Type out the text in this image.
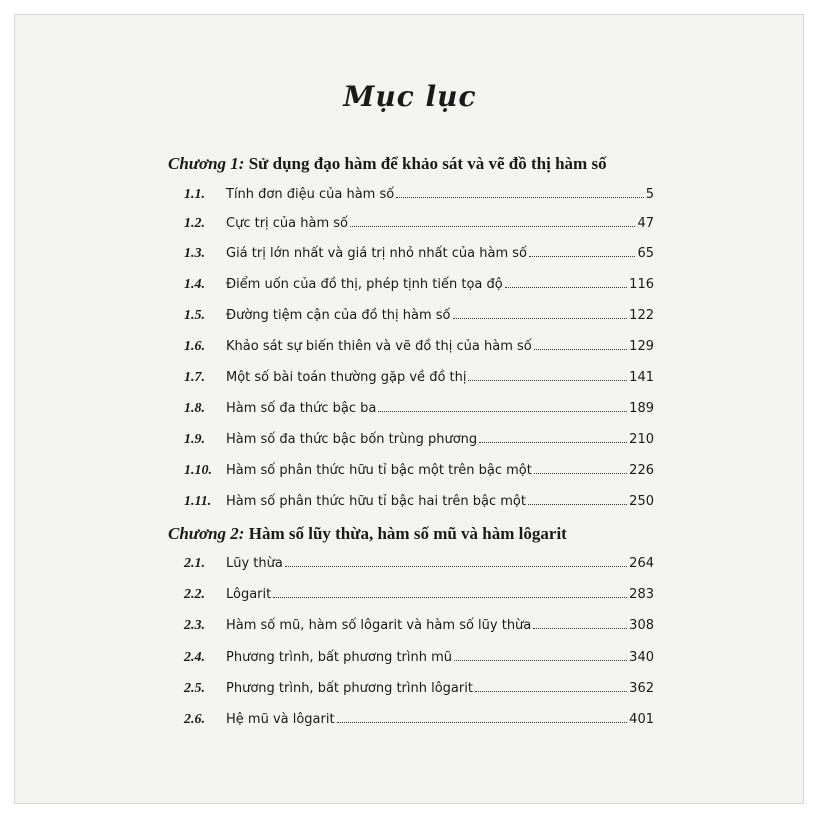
Mục lục
Chương 1: Sử dụng đạo hàm để khảo sát và vẽ đồ thị hàm số
1.1. Tính đơn điệu của hàm số	5
1.2. Cực trị của hàm số	47
1.3. Giá trị lớn nhất và giá trị nhỏ nhất của hàm số	65
1.4. Điểm uốn của đồ thị, phép tịnh tiến tọa độ	116
1.5. Đường tiệm cận của đồ thị hàm số	122
1.6. Khảo sát sự biến thiên và vẽ đồ thị của hàm số	129
1.7. Một số bài toán thường gặp về đồ thị	141
1.8. Hàm số đa thức bậc ba	189
1.9. Hàm số đa thức bậc bốn trùng phương	210
1.10. Hàm số phân thức hữu tỉ bậc một trên bậc một	226
1.11. Hàm số phân thức hữu tỉ bậc hai trên bậc một	250
Chương 2: Hàm số lũy thừa, hàm số mũ và hàm lôgarit
2.1. Lũy thừa	264
2.2. Lôgarit	283
2.3. Hàm số mũ, hàm số lôgarit và hàm số lũy thừa	308
2.4. Phương trình, bất phương trình mũ	340
2.5. Phương trình, bất phương trình lôgarit	362
2.6. Hệ mũ và lôgarit	401
